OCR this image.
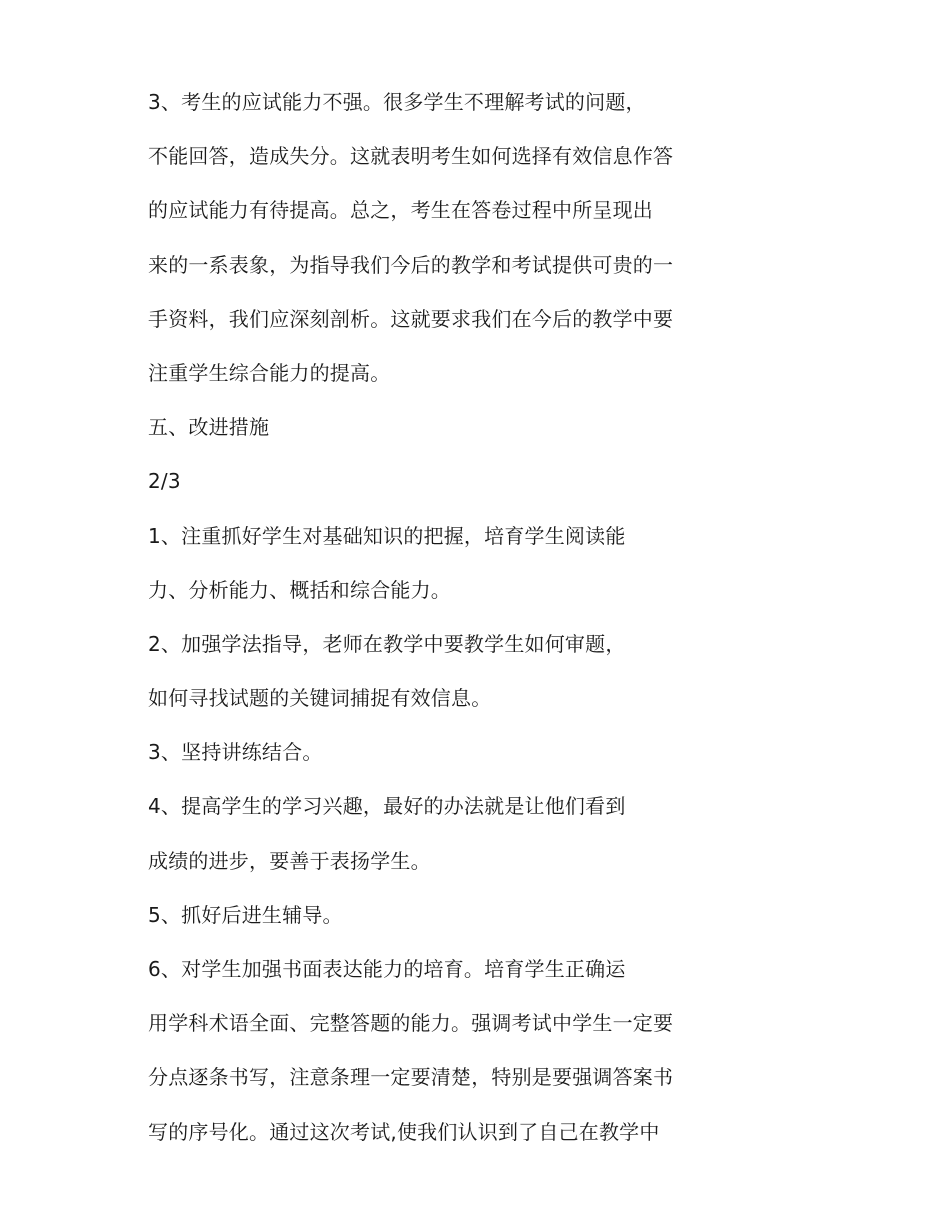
3、考生的应试能力不强。很多学生不理解考试的问题，
不能回答，造成失分。这就表明考生如何选择有效信息作答
的应试能力有待提高。总之，考生在答卷过程中所呈现出
来的一系表象，为指导我们今后的教学和考试提供可贵的一
手资料，我们应深刻剖析。这就要求我们在今后的教学中要
注重学生综合能力的提高。
五、改进措施
2/3
1、注重抓好学生对基础知识的把握，培育学生阅读能
力、分析能力、概括和综合能力。
2、加强学法指导，老师在教学中要教学生如何审题，
如何寻找试题的关键词捕捉有效信息。
3、坚持讲练结合。
4、提高学生的学习兴趣，最好的办法就是让他们看到
成绩的进步，要善于表扬学生。
5、抓好后进生辅导。
6、对学生加强书面表达能力的培育。培育学生正确运
用学科术语全面、完整答题的能力。强调考试中学生一定要
分点逐条书写，注意条理一定要清楚，特别是要强调答案书
写的序号化。通过这次考试,使我们认识到了自己在教学中
